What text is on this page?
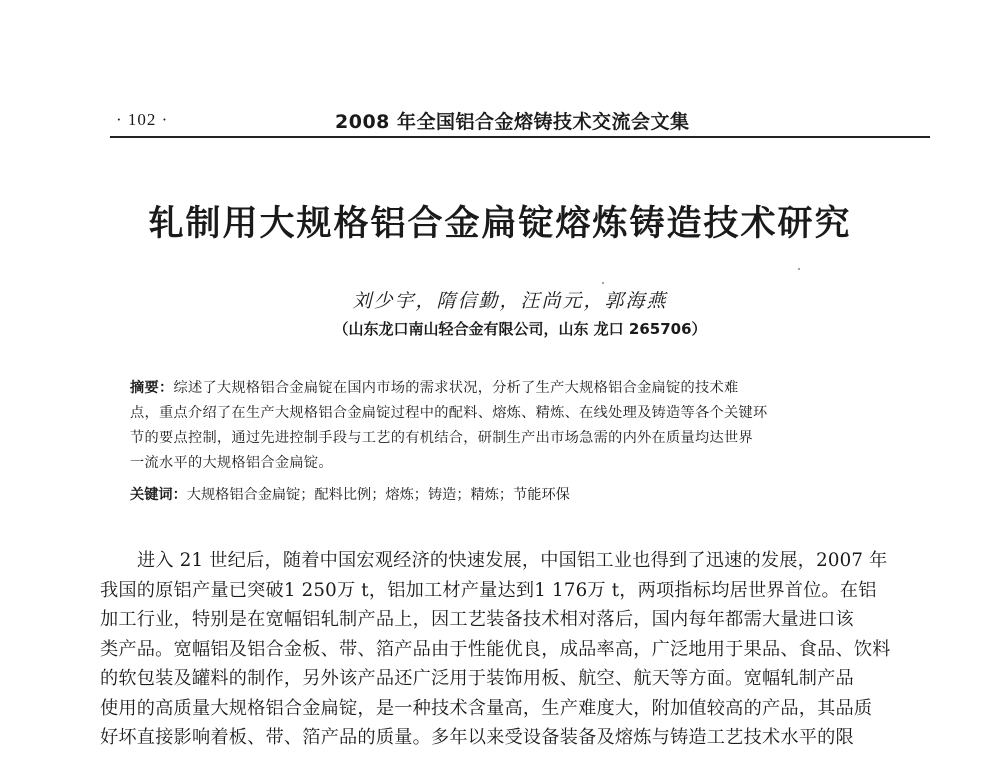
· 102 ·	2008 年全国铝合金熔铸技术交流会文集
轧制用大规格铝合金扁锭熔炼铸造技术研究
刘少宇，隋信勤，汪尚元，郭海燕
（山东龙口南山轻合金有限公司，山东 龙口 265706）
摘要：综述了大规格铝合金扁锭在国内市场的需求状况，分析了生产大规格铝合金扁锭的技术难
点，重点介绍了在生产大规格铝合金扁锭过程中的配料、熔炼、精炼、在线处理及铸造等各个关键环
节的要点控制，通过先进控制手段与工艺的有机结合，研制生产出市场急需的内外在质量均达世界
一流水平的大规格铝合金扁锭。
关键词：大规格铝合金扁锭；配料比例；熔炼；铸造；精炼；节能环保
进入 21 世纪后，随着中国宏观经济的快速发展，中国铝工业也得到了迅速的发展，2007 年
我国的原铝产量已突破1 250万 t，铝加工材产量达到1 176万 t，两项指标均居世界首位。在铝
加工行业，特别是在宽幅铝轧制产品上，因工艺装备技术相对落后，国内每年都需大量进口该
类产品。宽幅铝及铝合金板、带、箔产品由于性能优良，成品率高，广泛地用于果品、食品、饮料
的软包装及罐料的制作，另外该产品还广泛用于装饰用板、航空、航天等方面。宽幅轧制产品
使用的高质量大规格铝合金扁锭，是一种技术含量高，生产难度大，附加值较高的产品，其品质
好坏直接影响着板、带、箔产品的质量。多年以来受设备装备及熔炼与铸造工艺技术水平的限
